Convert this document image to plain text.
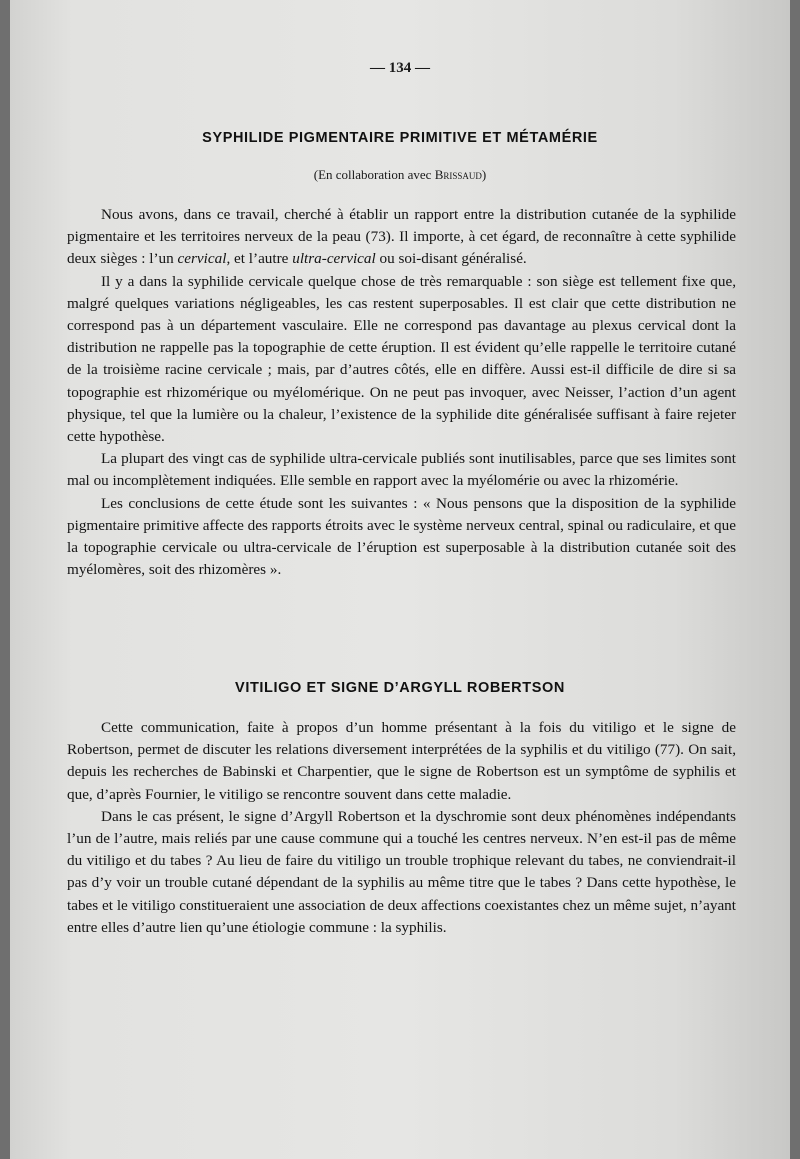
— 134 —
SYPHILIDE PIGMENTAIRE PRIMITIVE ET MÉTAMÉRIE
(En collaboration avec Brissaud)

Nous avons, dans ce travail, cherché à établir un rapport entre la distribution cutanée de la syphilide pigmentaire et les territoires nerveux de la peau (73). Il importe, à cet égard, de reconnaître à cette syphilide deux sièges : l’un cervical, et l’autre ultra-cervical ou soi-disant généralisé.

Il y a dans la syphilide cervicale quelque chose de très remarquable : son siège est tellement fixe que, malgré quelques variations négligeables, les cas restent superposables. Il est clair que cette distribution ne correspond pas à un département vasculaire. Elle ne correspond pas davantage au plexus cervical dont la distribution ne rappelle pas la topographie de cette éruption. Il est évident qu’elle rappelle le territoire cutané de la troisième racine cervicale ; mais, par d’autres côtés, elle en diffère. Aussi est-il difficile de dire si sa topographie est rhizomérique ou myélomérique. On ne peut pas invoquer, avec Neisser, l’action d’un agent physique, tel que la lumière ou la chaleur, l’existence de la syphilide dite généralisée suffisant à faire rejeter cette hypothèse.

La plupart des vingt cas de syphilide ultra-cervicale publiés sont inutilisables, parce que ses limites sont mal ou incomplètement indiquées. Elle semble en rapport avec la myélomérie ou avec la rhizomérie.

Les conclusions de cette étude sont les suivantes : « Nous pensons que la disposition de la syphilide pigmentaire primitive affecte des rapports étroits avec le système nerveux central, spinal ou radiculaire, et que la topographie cervicale ou ultra-cervicale de l’éruption est superposable à la distribution cutanée soit des myélomères, soit des rhizomères ».

VITILIGO ET SIGNE D’ARGYLL ROBERTSON

Cette communication, faite à propos d’un homme présentant à la fois du vitiligo et le signe de Robertson, permet de discuter les relations diversement interprétées de la syphilis et du vitiligo (77). On sait, depuis les recherches de Babinski et Charpentier, que le signe de Robertson est un symptôme de syphilis et que, d’après Fournier, le vitiligo se rencontre souvent dans cette maladie.

Dans le cas présent, le signe d’Argyll Robertson et la dyschromie sont deux phénomènes indépendants l’un de l’autre, mais reliés par une cause commune qui a touché les centres nerveux. N’en est-il pas de même du vitiligo et du tabes ? Au lieu de faire du vitiligo un trouble trophique relevant du tabes, ne conviendrait-il pas d’y voir un trouble cutané dépendant de la syphilis au même titre que le tabes ? Dans cette hypothèse, le tabes et le vitiligo constitueraient une association de deux affections coexistantes chez un même sujet, n’ayant entre elles d’autre lien qu’une étiologie commune : la syphilis.
